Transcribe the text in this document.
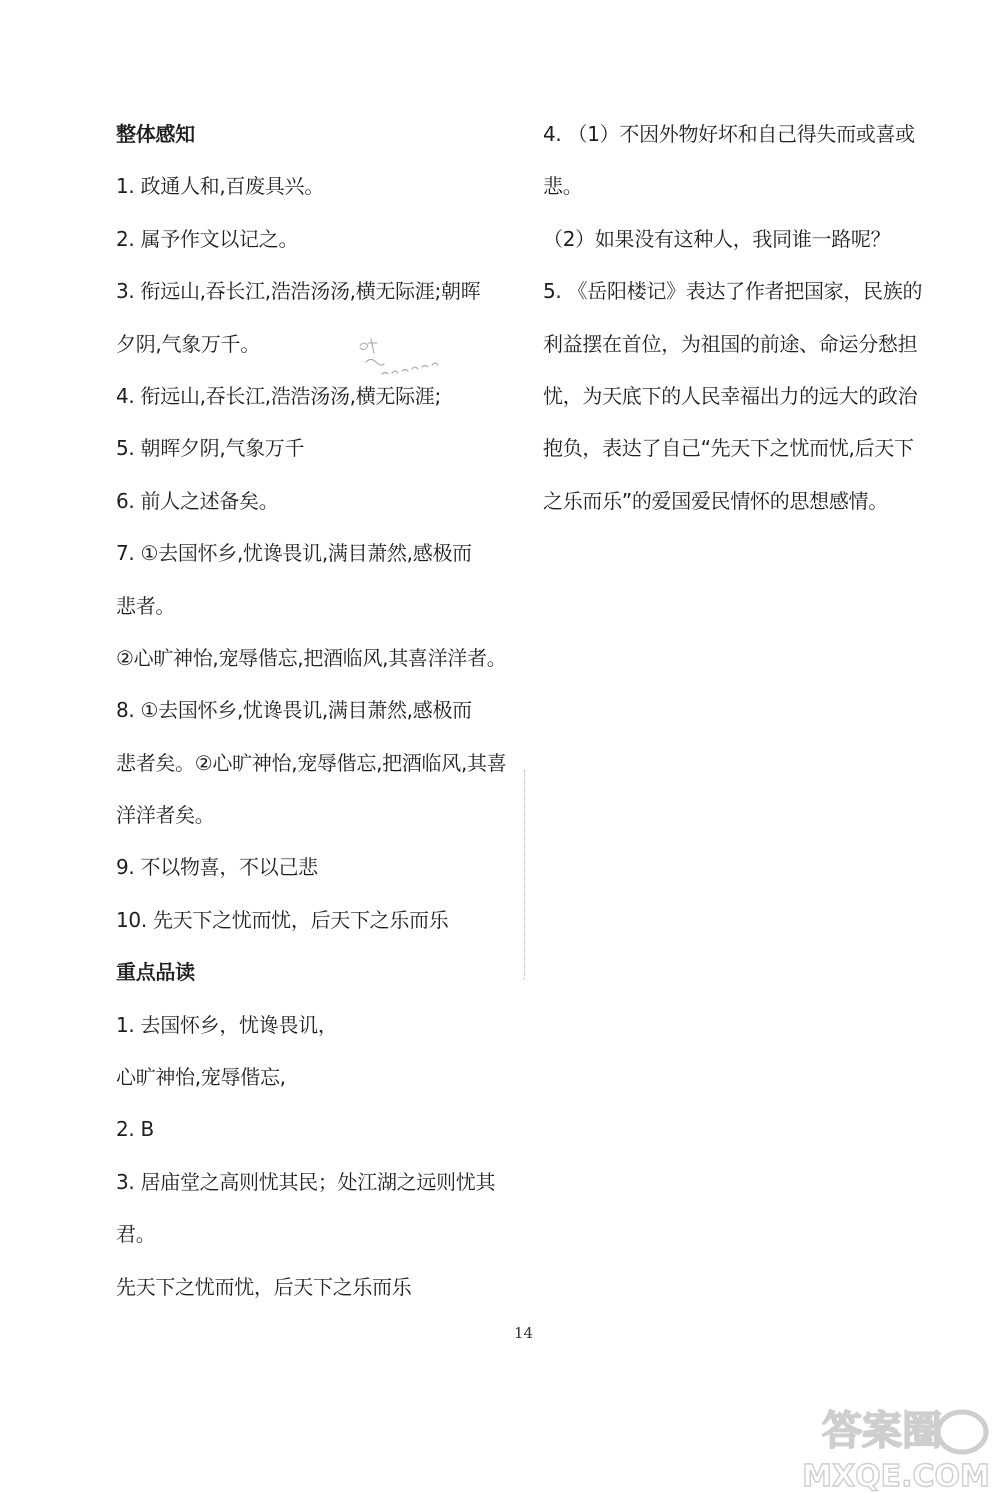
整体感知
1. 政通人和,百废具兴。
2. 属予作文以记之。
3. 衔远山,吞长江,浩浩汤汤,横无际涯;朝晖
夕阴,气象万千。
4. 衔远山,吞长江,浩浩汤汤,横无际涯;
5. 朝晖夕阴,气象万千
6. 前人之述备矣。
7. ①去国怀乡,忧谗畏讥,满目萧然,感极而
悲者。
②心旷神怡,宠辱偕忘,把酒临风,其喜洋洋者。
8. ①去国怀乡,忧谗畏讥,满目萧然,感极而
悲者矣。②心旷神怡,宠辱偕忘,把酒临风,其喜
洋洋者矣。
9. 不以物喜，不以己悲
10. 先天下之忧而忧，后天下之乐而乐
重点品读
1. 去国怀乡，忧谗畏讥，
心旷神怡,宠辱偕忘,
2. B
3. 居庙堂之高则忧其民；处江湖之远则忧其
君。
先天下之忧而忧，后天下之乐而乐
4. （1）不因外物好坏和自己得失而或喜或
悲。
（2）如果没有这种人，我同谁一路呢？
5. 《岳阳楼记》表达了作者把国家，民族的
利益摆在首位，为祖国的前途、命运分愁担
忧，为天底下的人民幸福出力的远大的政治
抱负，表达了自己“先天下之忧而忧,后天下
之乐而乐”的爱国爱民情怀的思想感情。
14
答案圈
MXQE.COM
